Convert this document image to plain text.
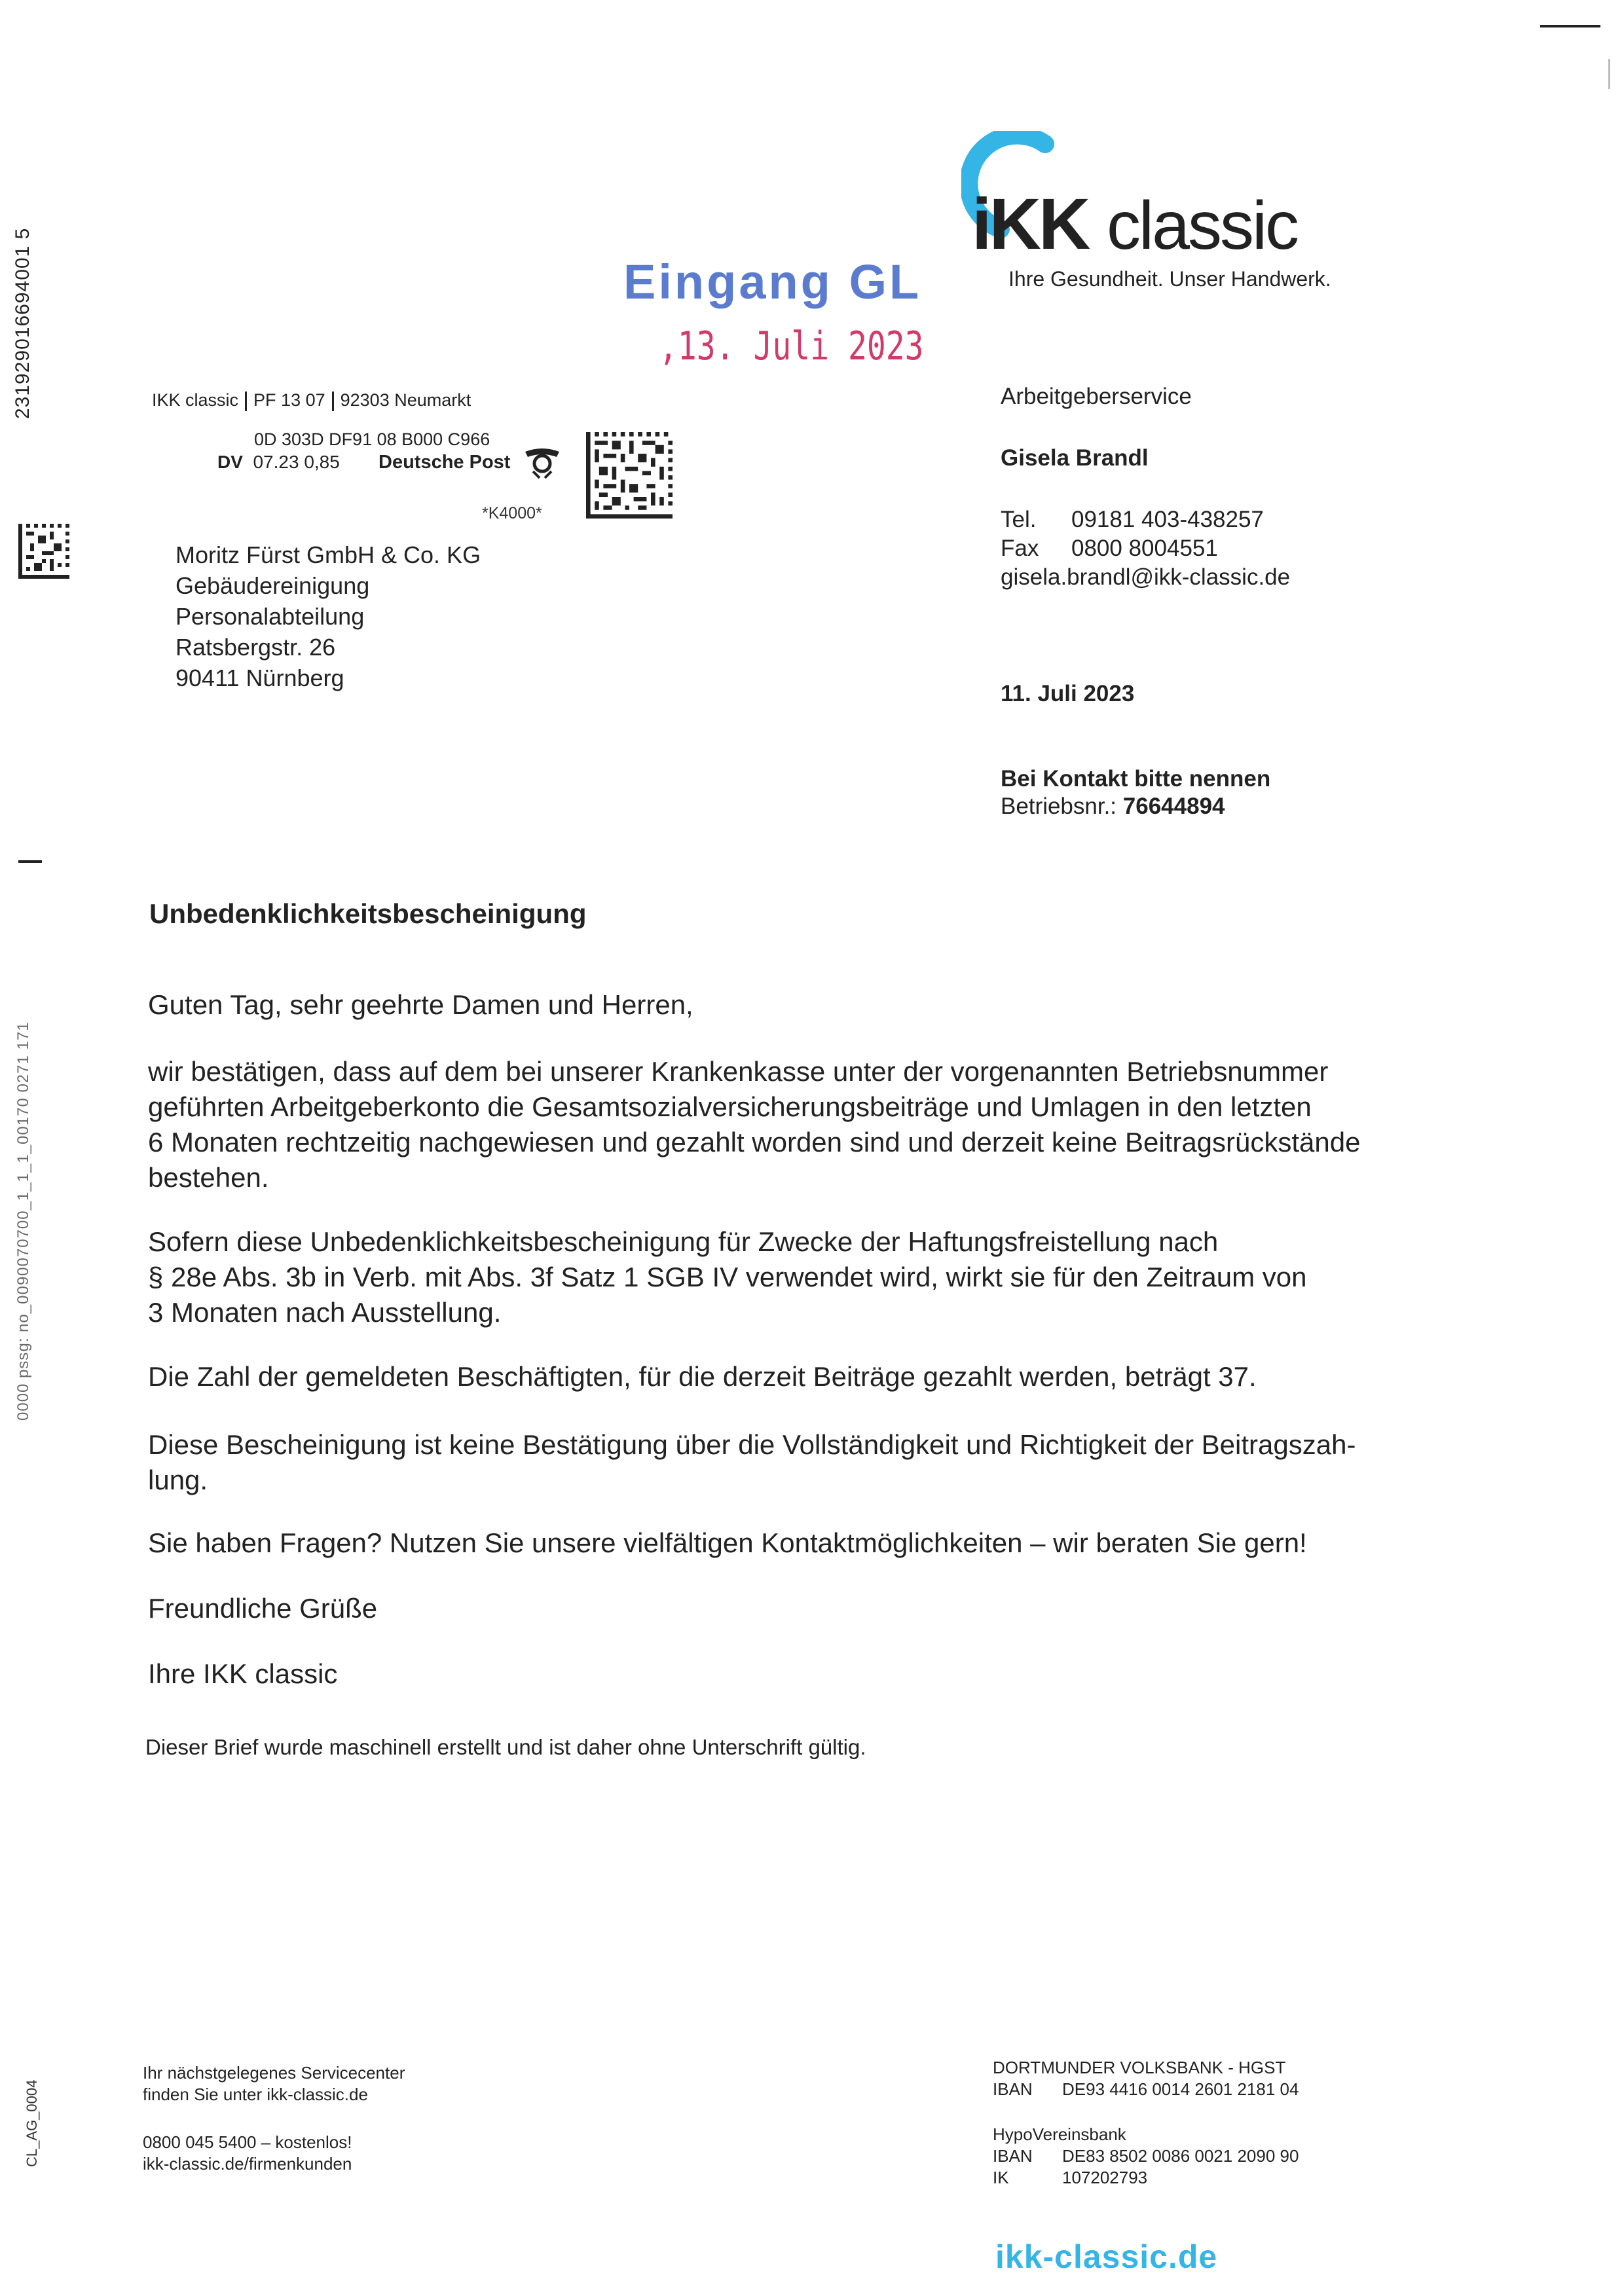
231929016694001 5
0000 pssg: no_0090070700_1_1_1_00170 0271 171
CL_AG_0004
iKK classic
Ihre Gesundheit. Unser Handwerk.
Eingang GL
,13. Juli 2023
IKK classic PF 13 07 92303 Neumarkt
0D 303D DF91 08 B000 C966
DV 07.23 0,85 Deutsche Post
*K4000*
Moritz Fürst GmbH & Co. KG
Gebäudereinigung
Personalabteilung
Ratsbergstr. 26
90411 Nürnberg
Arbeitgeberservice
Gisela Brandl
Tel. 09181 403-438257
Fax 0800 8004551
gisela.brandl@ikk-classic.de
11. Juli 2023
Bei Kontakt bitte nennen
Betriebsnr.: 76644894
Unbedenklichkeitsbescheinigung

Guten Tag, sehr geehrte Damen und Herren,

wir bestätigen, dass auf dem bei unserer Krankenkasse unter der vorgenannten Betriebsnummer

geführten Arbeitgeberkonto die Gesamtsozialversicherungsbeiträge und Umlagen in den letzten

6 Monaten rechtzeitig nachgewiesen und gezahlt worden sind und derzeit keine Beitragsrückstände

bestehen.

Sofern diese Unbedenklichkeitsbescheinigung für Zwecke der Haftungsfreistellung nach

§ 28e Abs. 3b in Verb. mit Abs. 3f Satz 1 SGB IV verwendet wird, wirkt sie für den Zeitraum von

3 Monaten nach Ausstellung.

Die Zahl der gemeldeten Beschäftigten, für die derzeit Beiträge gezahlt werden, beträgt 37.

Diese Bescheinigung ist keine Bestätigung über die Vollständigkeit und Richtigkeit der Beitragszah-

lung.

Sie haben Fragen? Nutzen Sie unsere vielfältigen Kontaktmöglichkeiten – wir beraten Sie gern!

Freundliche Grüße

Ihre IKK classic

Dieser Brief wurde maschinell erstellt und ist daher ohne Unterschrift gültig.
Ihr nächstgelegenes Servicecenter
finden Sie unter ikk-classic.de
0800 045 5400 – kostenlos!
ikk-classic.de/firmenkunden
DORTMUNDER VOLKSBANK - HGST
IBAN DE93 4416 0014 2601 2181 04
HypoVereinsbank
IBAN DE83 8502 0086 0021 2090 90
IK	107202793
ikk-classic.de
